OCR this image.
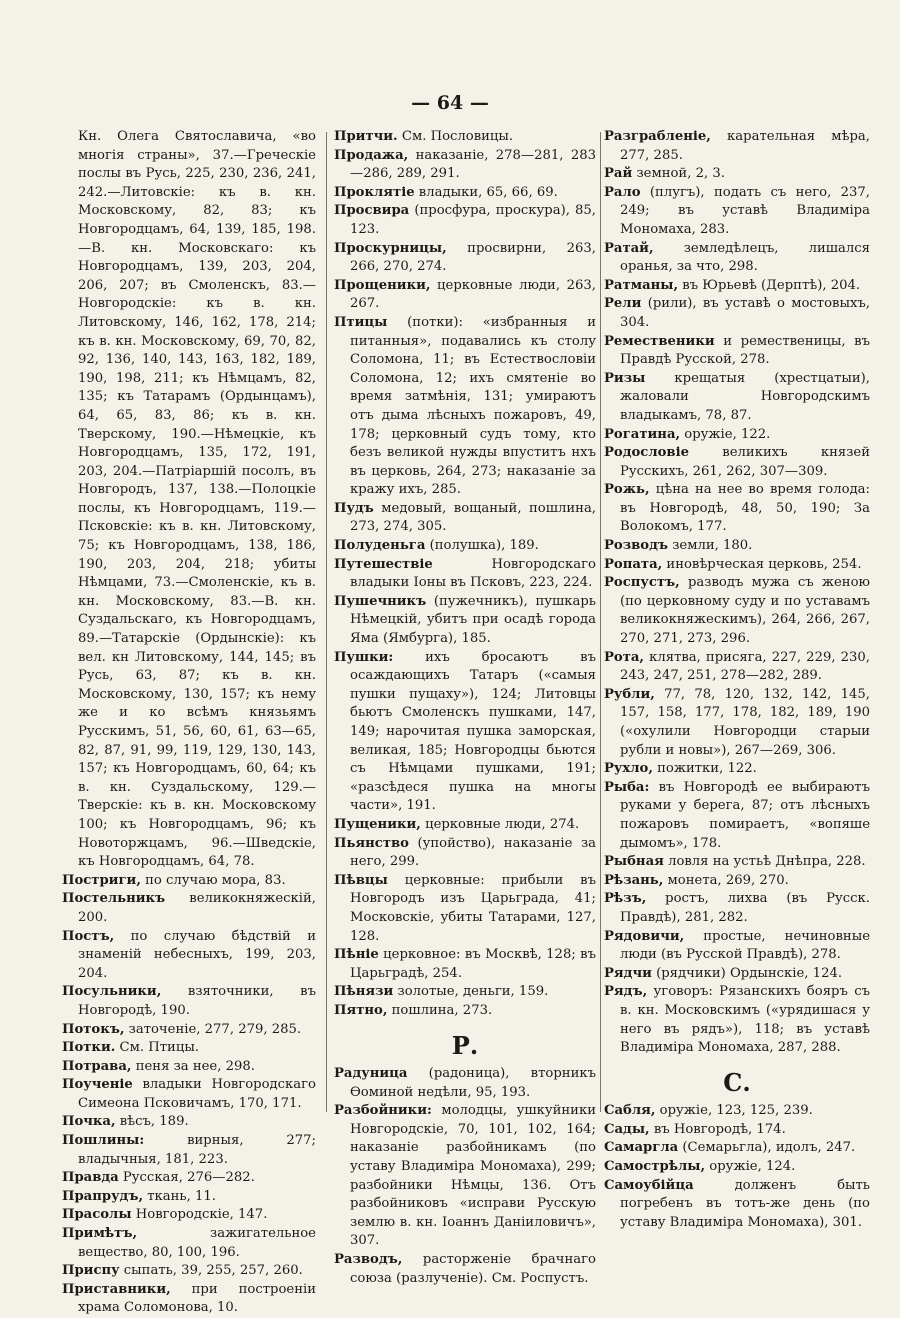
— 64 —
Кн. Олега Святославича, «во многія страны», 37.—Греческіе послы въ Русь, 225, 230, 236, 241, 242.—Литовскіе: къ в. кн. Московскому, 82, 83; къ Новгородцамъ, 64, 139, 185, 198.—В. кн. Московскаго: къ Новгородцамъ, 139, 203, 204, 206, 207; въ Смоленскъ, 83.—Новгородскіе: къ в. кн. Литовскому, 146, 162, 178, 214; къ в. кн. Московскому, 69, 70, 82, 92, 136, 140, 143, 163, 182, 189, 190, 198, 211; къ Нѣмцамъ, 82, 135; къ Татарамъ (Ордынцамъ), 64, 65, 83, 86; къ в. кн. Тверскому, 190.—Нѣмецкіе, къ Новгородцамъ, 135, 172, 191, 203, 204.—Патріаршій посолъ, въ Новгородъ, 137, 138.—Полоцкіе послы, къ Новгородцамъ, 119.—Псковскіе: къ в. кн. Литовскому, 75; къ Новгородцамъ, 138, 186, 190, 203, 204, 218; убиты Нѣмцами, 73.—Смоленскіе, къ в. кн. Московскому, 83.—В. кн. Суздальскаго, къ Новгородцамъ, 89.—Татарскіе (Ордынскіе): къ вел. кн Литовскому, 144, 145; въ Русь, 63, 87; къ в. кн. Московскому, 130, 157; къ нему же и ко всѣмъ князьямъ Русскимъ, 51, 56, 60, 61, 63—65, 82, 87, 91, 99, 119, 129, 130, 143, 157; къ Новгородцамъ, 60, 64; къ в. кн. Суздальскому, 129.—Тверскіе: къ в. кн. Московскому 100; къ Новгородцамъ, 96; къ Новоторжцамъ, 96.—Шведскіе, къ Новгородцамъ, 64, 78.
Постриги, по случаю мора, 83.
Постельникъ великокняжескій, 200.
Постъ, по случаю бѣдствій и знаменій небесныхъ, 199, 203, 204.
Посульники, взяточники, въ Новгородѣ, 190.
Потокъ, заточеніе, 277, 279, 285.
Потки. См. Птицы.
Потрава, пеня за нее, 298.
Поученіе владыки Новгородскаго Симеона Псковичамъ, 170, 171.
Почка, вѣсъ, 189.
Пошлины: вирныя, 277; владычныя, 181, 223.
Правда Русская, 276—282.
Прапрудъ, ткань, 11.
Прасолы Новгородскіе, 147.
Примѣтъ, зажигательное вещество, 80, 100, 196.
Приспу сыпать, 39, 255, 257, 260.
Приставники, при построеніи храма Соломонова, 10.
Притчи. См. Пословицы.
Продажа, наказаніе, 278—281, 283—286, 289, 291.
Проклятіе владыки, 65, 66, 69.
Просвира (просфура, проскура), 85, 123.
Проскурницы, просвирни, 263, 266, 270, 274.
Прощеники, церковные люди, 263, 267.
Птицы (потки): «избранныя и питанныя», подавались къ столу Соломона, 11; въ Естествословіи Соломона, 12; ихъ смятеніе во время затмѣнія, 131; умираютъ отъ дыма лѣсныхъ пожаровъ, 49, 178; церковный судъ тому, кто безъ великой нужды впуститъ нхъ въ церковь, 264, 273; наказаніе за кражу ихъ, 285.
Пудъ медовый, вощаный, пошлина, 273, 274, 305.
Полуденьга (полушка), 189.
Путешествіе Новгородскаго владыки Іоны въ Псковъ, 223, 224.
Пушечникъ (пужечникъ), пушкарь Нѣмецкій, убитъ при осадѣ города Яма (Ямбурга), 185.
Пушки: ихъ бросаютъ въ осаждающихъ Татаръ («самыя пушки пущаху»), 124; Литовцы бьютъ Смоленскъ пушками, 147, 149; нарочитая пушка заморская, великая, 185; Новгородцы бьются съ Нѣмцами пушками, 191; «разсѣдеся пушка на многы части», 191.
Пущеники, церковные люди, 274.
Пьянство (упойство), наказаніе за него, 299.
Пѣвцы церковные: прибыли въ Новгородъ изъ Царьграда, 41; Московскіе, убиты Татарами, 127, 128.
Пѣніе церковное: въ Москвѣ, 128; въ Царьградѣ, 254.
Пѣнязи золотые, деньги, 159.
Пятно, пошлина, 273.
Р.
Радуница (радоница), вторникъ Ѳоминой недѣли, 95, 193.
Разбойники: молодцы, ушкуйники Новгородскіе, 70, 101, 102, 164; наказаніе разбойникамъ (по уставу Владиміра Мономаха), 299; разбойники Нѣмцы, 136. Отъ разбойниковъ «исправи Русскую землю в. кн. Іоаннъ Даніиловичъ», 307.
Разводъ, расторженіе брачнаго союза (разлученіе). См. Роспустъ.
Разграбленіе, карательная мѣра, 277, 285.
Рай земной, 2, 3.
Рало (плугъ), подать съ него, 237, 249; въ уставѣ Владиміра Мономаха, 283.
Ратай, земледѣлецъ, лишался оранья, за что, 298.
Ратманы, въ Юрьевѣ (Дерптѣ), 204.
Рели (рили), въ уставѣ о мостовыхъ, 304.
Ремественики и ремественицы, въ Правдѣ Русской, 278.
Ризы крещатыя (хрестцатыи), жаловали Новгородскимъ владыкамъ, 78, 87.
Рогатина, оружіе, 122.
Родословіе великихъ князей Русскихъ, 261, 262, 307—309.
Рожь, цѣна на нее во время голода: въ Новгородѣ, 48, 50, 190; За Волокомъ, 177.
Розводъ земли, 180.
Ропата, иновѣрческая церковь, 254.
Роспустъ, разводъ мужа съ женою (по церковному суду и по уставамъ великокняжескимъ), 264, 266, 267, 270, 271, 273, 296.
Рота, клятва, присяга, 227, 229, 230, 243, 247, 251, 278—282, 289.
Рубли, 77, 78, 120, 132, 142, 145, 157, 158, 177, 178, 182, 189, 190 («охулили Новгородци старыи рубли и новы»), 267—269, 306.
Рухло, пожитки, 122.
Рыба: въ Новгородѣ ее выбираютъ руками у берега, 87; отъ лѣсныхъ пожаровъ помираетъ, «вопяше дымомъ», 178.
Рыбная ловля на устьѣ Днѣпра, 228.
Рѣзань, монета, 269, 270.
Рѣзъ, ростъ, лихва (въ Русск. Правдѣ), 281, 282.
Рядовичи, простые, нечиновные люди (въ Русской Правдѣ), 278.
Рядчи (рядчики) Ордынскіе, 124.
Рядъ, уговоръ: Рязанскихъ бояръ съ в. кн. Московскимъ («урядишася у него въ рядъ»), 118; въ уставѣ Владиміра Мономаха, 287, 288.
С.
Сабля, оружіе, 123, 125, 239.
Сады, въ Новгородѣ, 174.
Самаргла (Семарьгла), идолъ, 247.
Самострѣлы, оружіе, 124.
Самоубійца долженъ быть погребенъ въ тотъ-же день (по уставу Владиміра Мономаха), 301.
